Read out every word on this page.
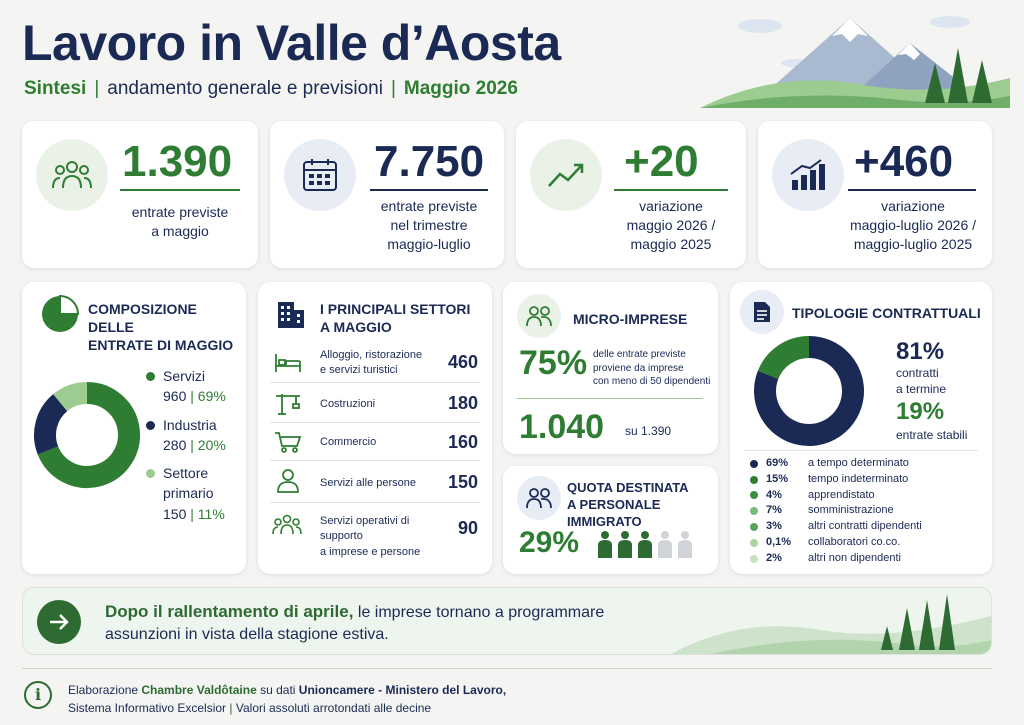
Lavoro in Valle d’Aosta
Sintesi | andamento generale e previsioni | Maggio 2026
1.390
entrate previste
a maggio
7.750
entrate previste
nel trimestre
maggio-luglio
+20
variazione
maggio 2026 /
maggio 2025
+460
variazione
maggio-luglio 2026 /
maggio-luglio 2025
COMPOSIZIONE DELLE
ENTRATE DI MAGGIO
Servizi
960 | 69%
Industria
280 | 20%
Settore
primario
150 | 11%
I PRINCIPALI SETTORI
A MAGGIO
Alloggio, ristorazione
e servizi turistici	460
Costruzioni	180
Commercio	160
Servizi alle persone 150
Servizi operativi di supporto
a imprese e persone
90
MICRO-IMPRESE
75% delle entrate previste
proviene da imprese
con meno di 50 dipendenti
1.040 su 1.390
QUOTA DESTINATA
A PERSONALE IMMIGRATO
29%
TIPOLOGIE CONTRATTUALI
81%
contratti
a termine
19%
entrate stabili
69%	a tempo determinato
15%	tempo indeterminato
4%	apprendistato
7%	somministrazione
3%	altri contratti dipendenti
0,1%	collaboratori co.co.
2%	altri non dipendenti
Dopo il rallentamento di aprile, le imprese tornano a programmare
assunzioni in vista della stagione estiva.
i	Elaborazione Chambre Valdôtaine su dati Unioncamere - Ministero del Lavoro,
Sistema Informativo Excelsior | Valori assoluti arrotondati alle decine
